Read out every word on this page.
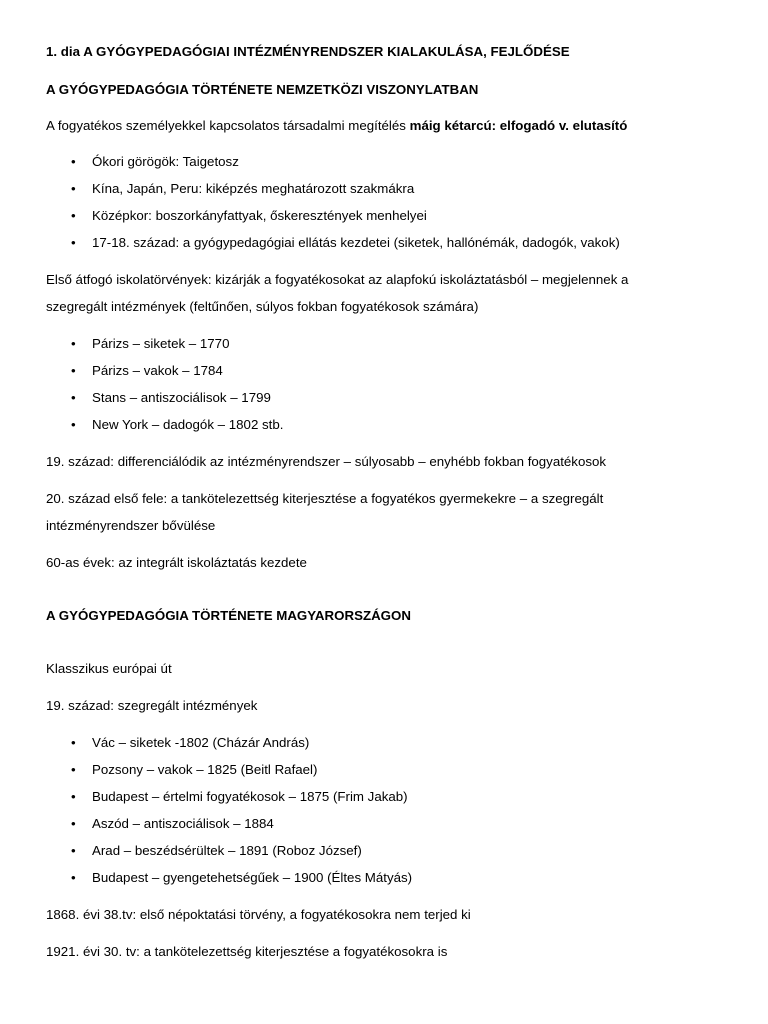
1. dia A GYÓGYPEDAGÓGIAI INTÉZMÉNYRENDSZER KIALAKULÁSA, FEJLŐDÉSE

A GYÓGYPEDAGÓGIA TÖRTÉNETE NEMZETKÖZI VISZONYLATBAN

A fogyatékos személyekkel kapcsolatos társadalmi megítélés máig kétarcú: elfogadó v. elutasító

• Ókori görögök: Taigetosz
• Kína, Japán, Peru: kiképzés meghatározott szakmákra
• Középkor: boszorkányfattyak, őskeresztények menhelyei
• 17-18. század: a gyógypedagógiai ellátás kezdetei (siketek, hallónémák, dadogók, vakok)

Első átfogó iskolatörvények: kizárják a fogyatékosokat az alapfokú iskoláztatásból – megjelennek a
szegregált intézmények (feltűnően, súlyos fokban fogyatékosok számára)

• Párizs – siketek – 1770
• Párizs – vakok – 1784
• Stans – antiszociálisok – 1799
• New York – dadogók – 1802 stb.

19. század: differenciálódik az intézményrendszer – súlyosabb – enyhébb fokban fogyatékosok

20. század első fele: a tankötelezettség kiterjesztése a fogyatékos gyermekekre – a szegregált
intézményrendszer bővülése

60-as évek: az integrált iskoláztatás kezdete

A GYÓGYPEDAGÓGIA TÖRTÉNETE MAGYARORSZÁGON

Klasszikus európai út

19. század: szegregált intézmények

• Vác – siketek -1802 (Cházár András)
• Pozsony – vakok – 1825 (Beitl Rafael)
• Budapest – értelmi fogyatékosok – 1875 (Frim Jakab)
• Aszód – antiszociálisok – 1884
• Arad – beszédsérültek – 1891 (Roboz József)
• Budapest – gyengetehetségűek – 1900 (Éltes Mátyás)

1868. évi 38.tv: első népoktatási törvény, a fogyatékosokra nem terjed ki

1921. évi 30. tv: a tankötelezettség kiterjesztése a fogyatékosokra is
